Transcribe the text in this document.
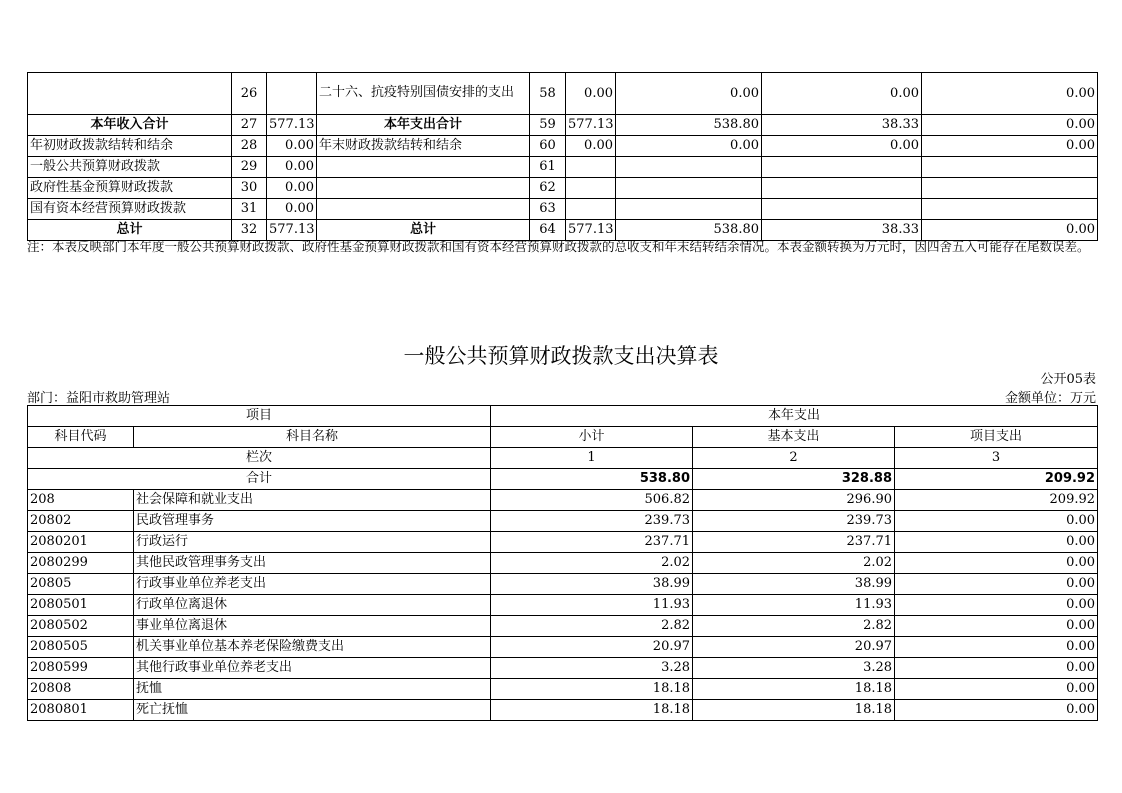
	26		二十六、抗疫特别国债安排的支出	58	0.00	0.00	0.00	0.00
本年收入合计	27	577.13	本年支出合计	59	577.13	538.80	38.33	0.00
年初财政拨款结转和结余	28	0.00	年末财政拨款结转和结余	60	0.00	0.00	0.00	0.00
一般公共预算财政拨款	29	0.00		61				
政府性基金预算财政拨款	30	0.00		62				
国有资本经营预算财政拨款	31	0.00		63				
总计	32	577.13	总计	64	577.13	538.80	38.33	0.00
注：本表反映部门本年度一般公共预算财政拨款、政府性基金预算财政拨款和国有资本经营预算财政拨款的总收支和年末结转结余情况。本表金额转换为万元时，因四舍五入可能存在尾数误差。
一般公共预算财政拨款支出决算表
公开05表
部门：益阳市救助管理站	金额单位：万元
项目		本年支出		
科目代码	科目名称	小计	基本支出	项目支出
栏次		1	2	3
合计		538.80	328.88	209.92
208	社会保障和就业支出	506.82	296.90	209.92
20802	民政管理事务	239.73	239.73	0.00
2080201	行政运行	237.71	237.71	0.00
2080299	其他民政管理事务支出	2.02	2.02	0.00
20805	行政事业单位养老支出	38.99	38.99	0.00
2080501	行政单位离退休	11.93	11.93	0.00
2080502	事业单位离退休	2.82	2.82	0.00
2080505	机关事业单位基本养老保险缴费支出	20.97	20.97	0.00
2080599	其他行政事业单位养老支出	3.28	3.28	0.00
20808	抚恤	18.18	18.18	0.00
2080801	死亡抚恤	18.18	18.18	0.00
